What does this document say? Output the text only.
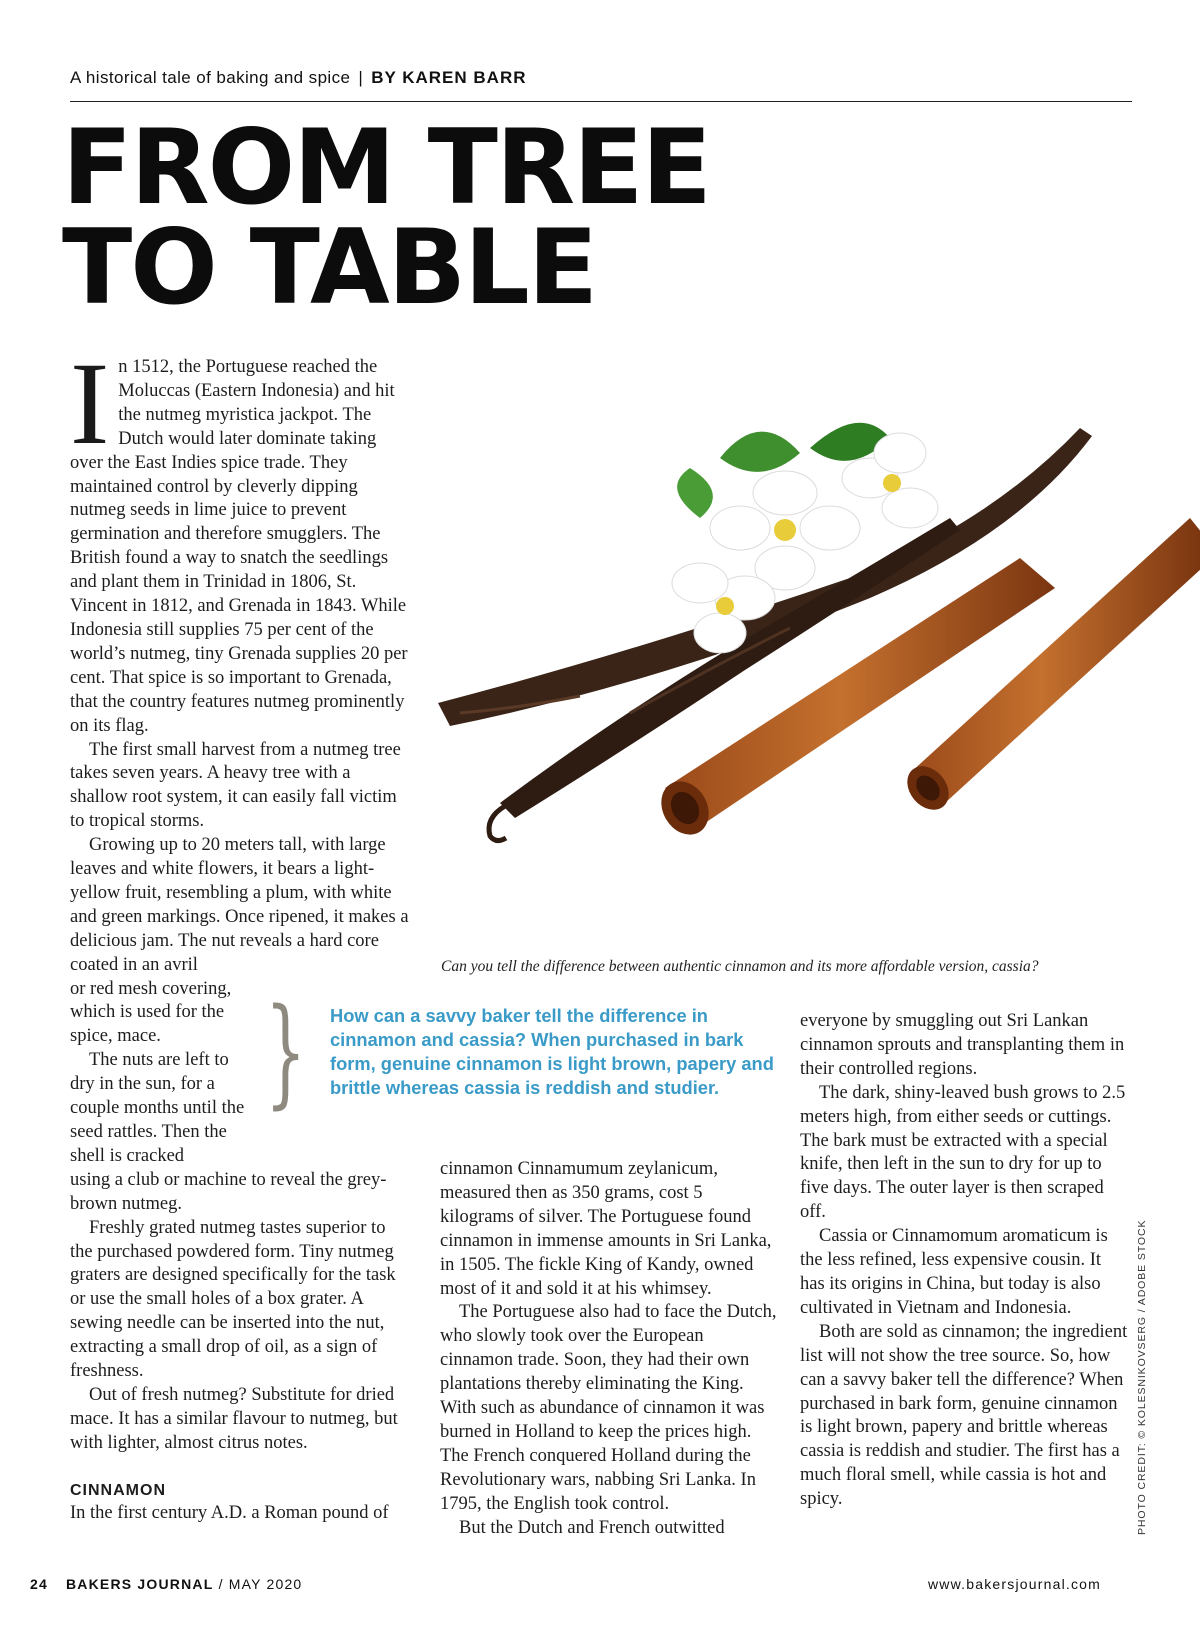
A historical tale of baking and spice | BY KAREN BARR
FROM TREE
TO TABLE

In 1512, the Portuguese reached the Moluccas (Eastern Indonesia) and hit the nutmeg myristica jackpot. The Dutch would later dominate taking over the East Indies spice trade. They maintained control by cleverly dipping nutmeg seeds in lime juice to prevent germination and therefore smugglers. The British found a way to snatch the seedlings and plant them in Trinidad in 1806, St. Vincent in 1812, and Grenada in 1843. While Indonesia still supplies 75 per cent of the world’s nutmeg, tiny Grenada supplies 20 per cent. That spice is so important to Grenada, that the country features nutmeg prominently on its flag.

The first small harvest from a nutmeg tree takes seven years. A heavy tree with a shallow root system, it can easily fall victim to tropical storms.

Growing up to 20 meters tall, with large leaves and white flowers, it bears a light-yellow fruit, resembling a plum, with white and green markings. Once ripened, it makes a delicious jam. The nut reveals a hard core coated in an avril

or red mesh covering, which is used for the spice, mace.

The nuts are left to dry in the sun, for a couple months until the seed rattles. Then the shell is cracked

using a club or machine to reveal the grey-brown nutmeg.

Freshly grated nutmeg tastes superior to the purchased powdered form. Tiny nutmeg graters are designed specifically for the task or use the small holes of a box grater. A sewing needle can be inserted into the nut, extracting a small drop of oil, as a sign of freshness.

Out of fresh nutmeg? Substitute for dried mace. It has a similar flavour to nutmeg, but with lighter, almost citrus notes.

CINNAMON

In the first century A.D. a Roman pound of

Can you tell the difference between authentic cinnamon and its more affordable version, cassia?
} How can a savvy baker tell the difference in cinnamon and cassia? When purchased in bark form, genuine cinnamon is light brown, papery and brittle whereas cassia is reddish and studier.

cinnamon Cinnamumum zeylanicum, measured then as 350 grams, cost 5 kilograms of silver. The Portuguese found cinnamon in immense amounts in Sri Lanka, in 1505. The fickle King of Kandy, owned most of it and sold it at his whimsey.

The Portuguese also had to face the Dutch, who slowly took over the European cinnamon trade. Soon, they had their own plantations thereby eliminating the King. With such as abundance of cinnamon it was burned in Holland to keep the prices high. The French conquered Holland during the Revolutionary wars, nabbing Sri Lanka. In 1795, the English took control.

But the Dutch and French outwitted

everyone by smuggling out Sri Lankan cinnamon sprouts and transplanting them in their controlled regions.

The dark, shiny-leaved bush grows to 2.5 meters high, from either seeds or cuttings. The bark must be extracted with a special knife, then left in the sun to dry for up to five days. The outer layer is then scraped off.

Cassia or Cinnamomum aromaticum is the less refined, less expensive cousin. It has its origins in China, but today is also cultivated in Vietnam and Indonesia.

Both are sold as cinnamon; the ingredient list will not show the tree source. So, how can a savvy baker tell the difference? When purchased in bark form, genuine cinnamon is light brown, papery and brittle whereas cassia is reddish and studier. The first has a much floral smell, while cassia is hot and spicy.	PHOTO CREDIT: © KOLESNIKOVSERG / ADOBE STOCK
24 BAKERS JOURNAL / MAY 2020	www.bakersjournal.com
